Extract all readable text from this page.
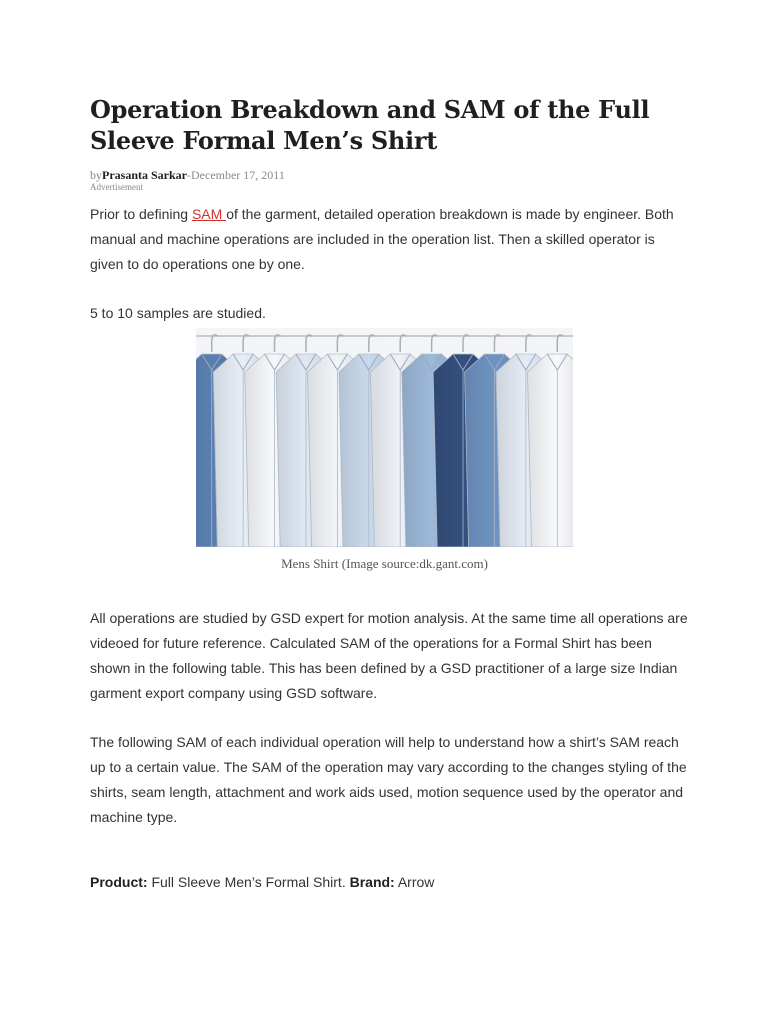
Operation Breakdown and SAM of the Full Sleeve Formal Men’s Shirt
byPrasanta Sarkar-December 17, 2011
Advertisement

Prior to defining SAM of the garment, detailed operation breakdown is made by engineer. Both manual and machine operations are included in the operation list. Then a skilled operator is given to do operations one by one.

5 to 10 samples are studied.

Mens Shirt (Image source:dk.gant.com)

All operations are studied by GSD expert for motion analysis. At the same time all operations are videoed for future reference. Calculated SAM of the operations for a Formal Shirt has been shown in the following table. This has been defined by a GSD practitioner of a large size Indian garment export company using GSD software.

The following SAM of each individual operation will help to understand how a shirt’s SAM reach up to a certain value. The SAM of the operation may vary according to the changes styling of the shirts, seam length, attachment and work aids used, motion sequence used by the operator and machine type.

Product: Full Sleeve Men’s Formal Shirt. Brand: Arrow
